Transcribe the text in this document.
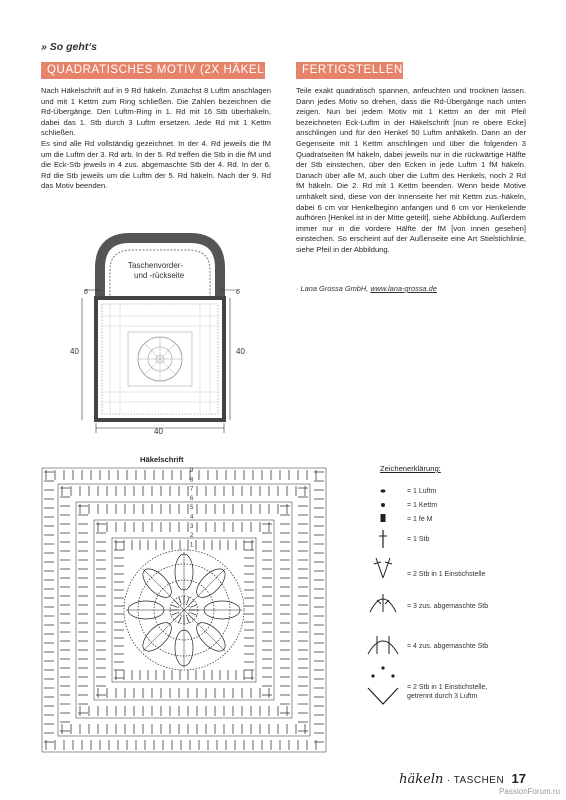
» So geht‘s
QUADRATISCHES MOTIV (2X HÄKELN)	FERTIGSTELLEN
Nach Häkelschrift auf in 9 Rd häkeln. Zunächst 8 Luftm anschlagen und mit 1 Kettm zum Ring schließen. Die Zahlen bezeichnen die Rd-Übergänge. Den Luftm-Ring in 1. Rd mit 16 Stb überhäkeln, dabei das 1. Stb durch 3 Luftm ersetzen. Jede Rd mit 1 Kettm schließen.
Es sind alle Rd vollständig gezeichnet. In der 4. Rd jeweils die fM um die Luftm der 3. Rd arb. In der 5. Rd treffen die Stb in die fM und die Eck-Stb jeweils in 4 zus. abgemaschte Stb der 4. Rd. In der 6. Rd die Stb jeweils um die Luftm der 5. Rd häkeln. Nach der 9. Rd das Motiv beenden.
Teile exakt quadratisch spannen, anfeuchten und trocknen lassen. Dann jedes Motiv so drehen, dass die Rd-Übergänge nach unten zeigen. Nun bei jedem Motiv mit 1 Kettm an der mit Pfeil bezeichneten Eck-Luftm in der Häkelschrift [nun re obere Ecke] anschlingen und für den Henkel 50 Luftm anhäkeln. Dann an der Gegenseite mit 1 Kettm anschlingen und über die folgenden 3 Quadratseiten fM häkeln, dabei jeweils nur in die rückwärtige Hälfte der Stb einstechen, über den Ecken in jede Luftm 1 fM häkeln. Danach über alle M, auch über die Luftm des Henkels, noch 2 Rd fM häkeln. Die 2. Rd mit 1 Kettm beenden. Wenn beide Motive umhäkelt sind, diese von der Innenseite her mit Kettm zus.-häkeln, dabei 6 cm vor Henkelbeginn anfangen und 6 cm vor Henkelende aufhören [Henkel ist in der Mitte geteilt], siehe Abbildung. Außerdem immer nur in die vordere Hälfte der fM [von innen gesehen] einstechen. So erscheint auf der Außenseite eine Art Stielstichlinie, siehe Pfeil in der Abbildung.
· Lana Grossa GmbH, www.lana-grossa.de
Taschenvorder-
und -rückseite
6	6
40
40
40
Häkelschrift
9
8
7
6
5
4
3
2
1
Zeichenerklärung:
= 1 Luftm
= 1 Kettm
= 1 fe M
= 1 Stb
= 2 Stb in 1 Einstichstelle
= 3 zus. abgemaschte Stb
= 4 zus. abgemaschte Stb
= 2 Stb in 1 Einstichstelle,
getrennt durch 3 Luftm
häkeln · TASCHEN 17
PassionForum.ru
